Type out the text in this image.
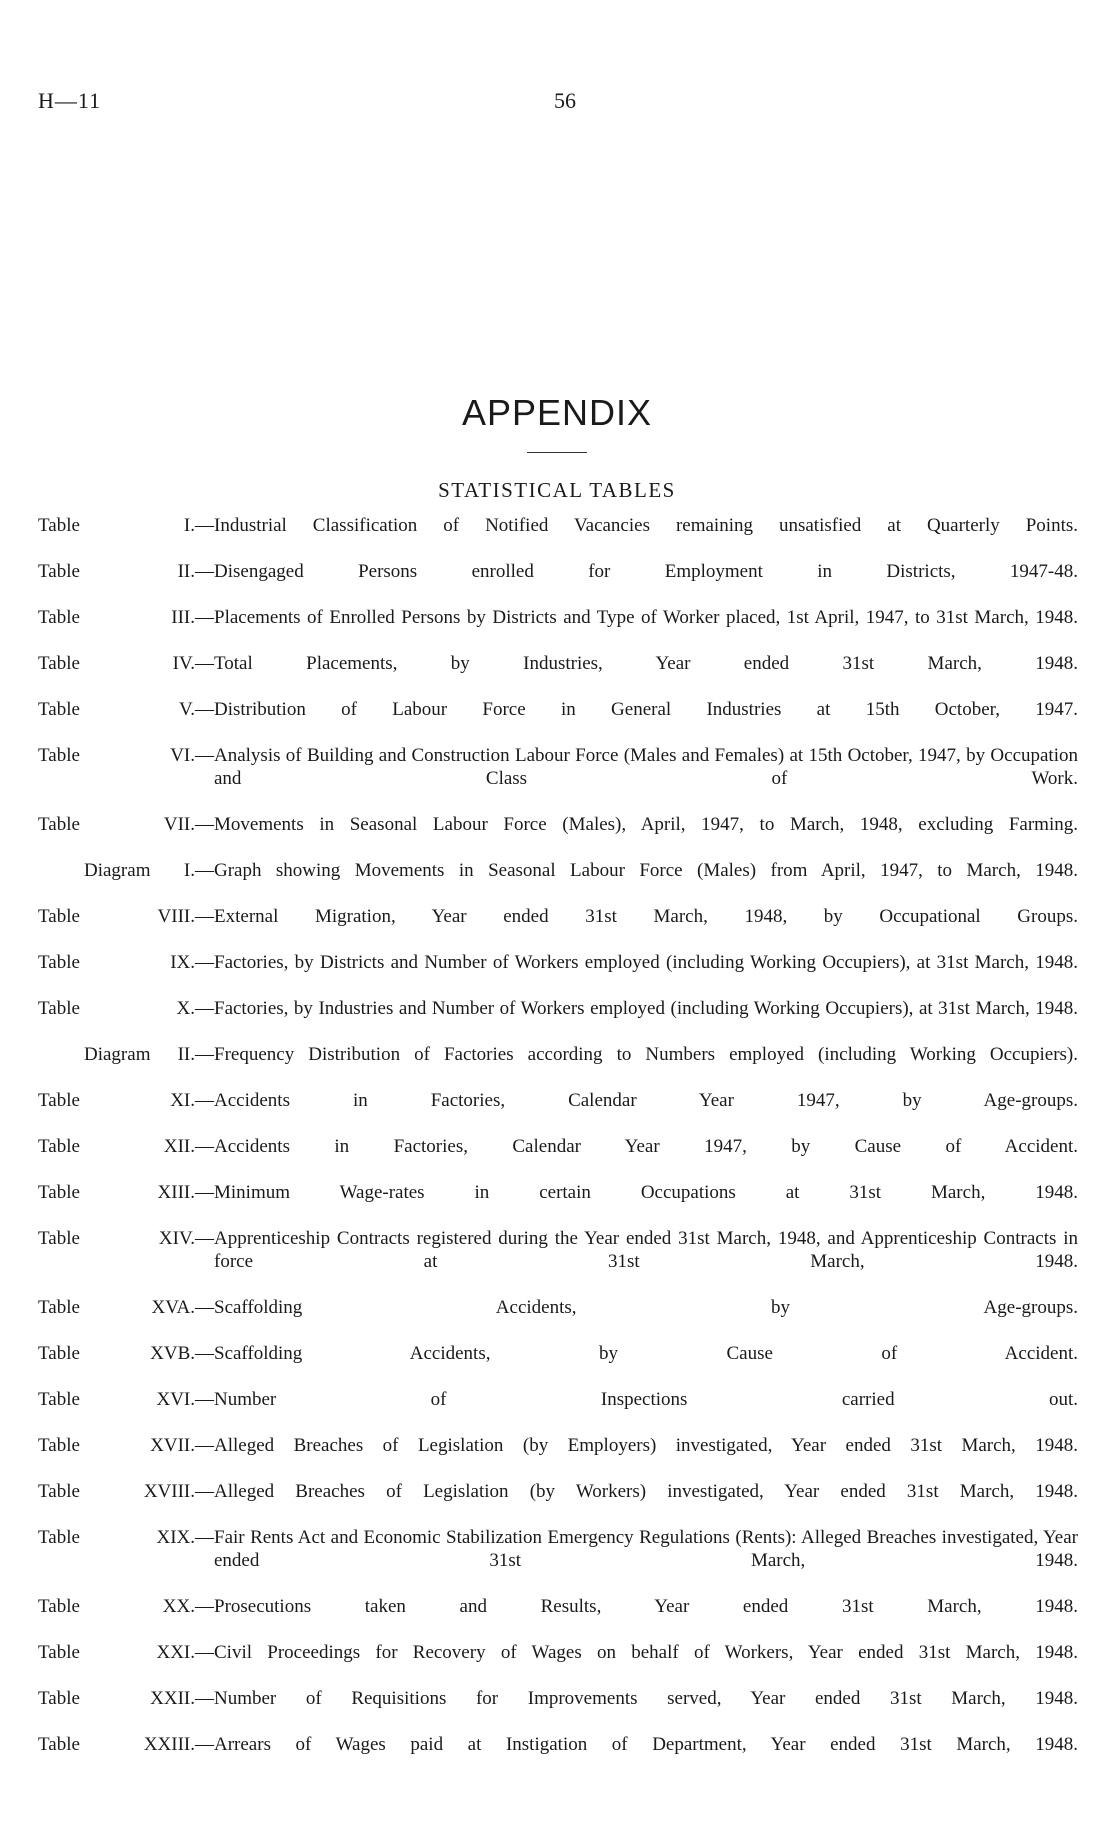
H—11	56
APPENDIX
STATISTICAL TABLES
Table	I.— Industrial Classification of Notified Vacancies remaining unsatisfied at Quarterly Points.
Table	II.— Disengaged Persons enrolled for Employment in Districts, 1947-48.
Table	III.— Placements of Enrolled Persons by Districts and Type of Worker placed, 1st April, 1947, to 31st March, 1948.
Table	IV.— Total Placements, by Industries, Year ended 31st March, 1948.
Table	V.— Distribution of Labour Force in General Industries at 15th October, 1947.
Table	VI.— Analysis of Building and Construction Labour Force (Males and Females) at 15th October, 1947, by Occupation and Class of Work.
Table	VII.— Movements in Seasonal Labour Force (Males), April, 1947, to March, 1948, excluding Farming.
Diagram I.— Graph showing Movements in Seasonal Labour Force (Males) from April, 1947, to March, 1948.
Table	VIII.— External Migration, Year ended 31st March, 1948, by Occupational Groups.
Table	IX.— Factories, by Districts and Number of Workers employed (including Working Occupiers), at 31st March, 1948.
Table	X.— Factories, by Industries and Number of Workers employed (including Working Occupiers), at 31st March, 1948.
Diagram II.— Frequency Distribution of Factories according to Numbers employed (including Working Occupiers).
Table	XI.— Accidents in Factories, Calendar Year 1947, by Age-groups.
Table	XII.— Accidents in Factories, Calendar Year 1947, by Cause of Accident.
Table	XIII.— Minimum Wage-rates in certain Occupations at 31st March, 1948.
Table	XIV.— Apprenticeship Contracts registered during the Year ended 31st March, 1948, and Apprenticeship Contracts in force at 31st March, 1948.
Table	XVA.— Scaffolding Accidents, by Age-groups.
Table	XVB.— Scaffolding Accidents, by Cause of Accident.
Table	XVI.— Number of Inspections carried out.
Table	XVII.— Alleged Breaches of Legislation (by Employers) investigated, Year ended 31st March, 1948.
Table	XVIII.— Alleged Breaches of Legislation (by Workers) investigated, Year ended 31st March, 1948.
Table	XIX.— Fair Rents Act and Economic Stabilization Emergency Regulations (Rents): Alleged Breaches investigated, Year ended 31st March, 1948.
Table	XX.— Prosecutions taken and Results, Year ended 31st March, 1948.
Table	XXI.— Civil Proceedings for Recovery of Wages on behalf of Workers, Year ended 31st March, 1948.
Table	XXII.— Number of Requisitions for Improvements served, Year ended 31st March, 1948.
Table	XXIII.— Arrears of Wages paid at Instigation of Department, Year ended 31st March, 1948.
